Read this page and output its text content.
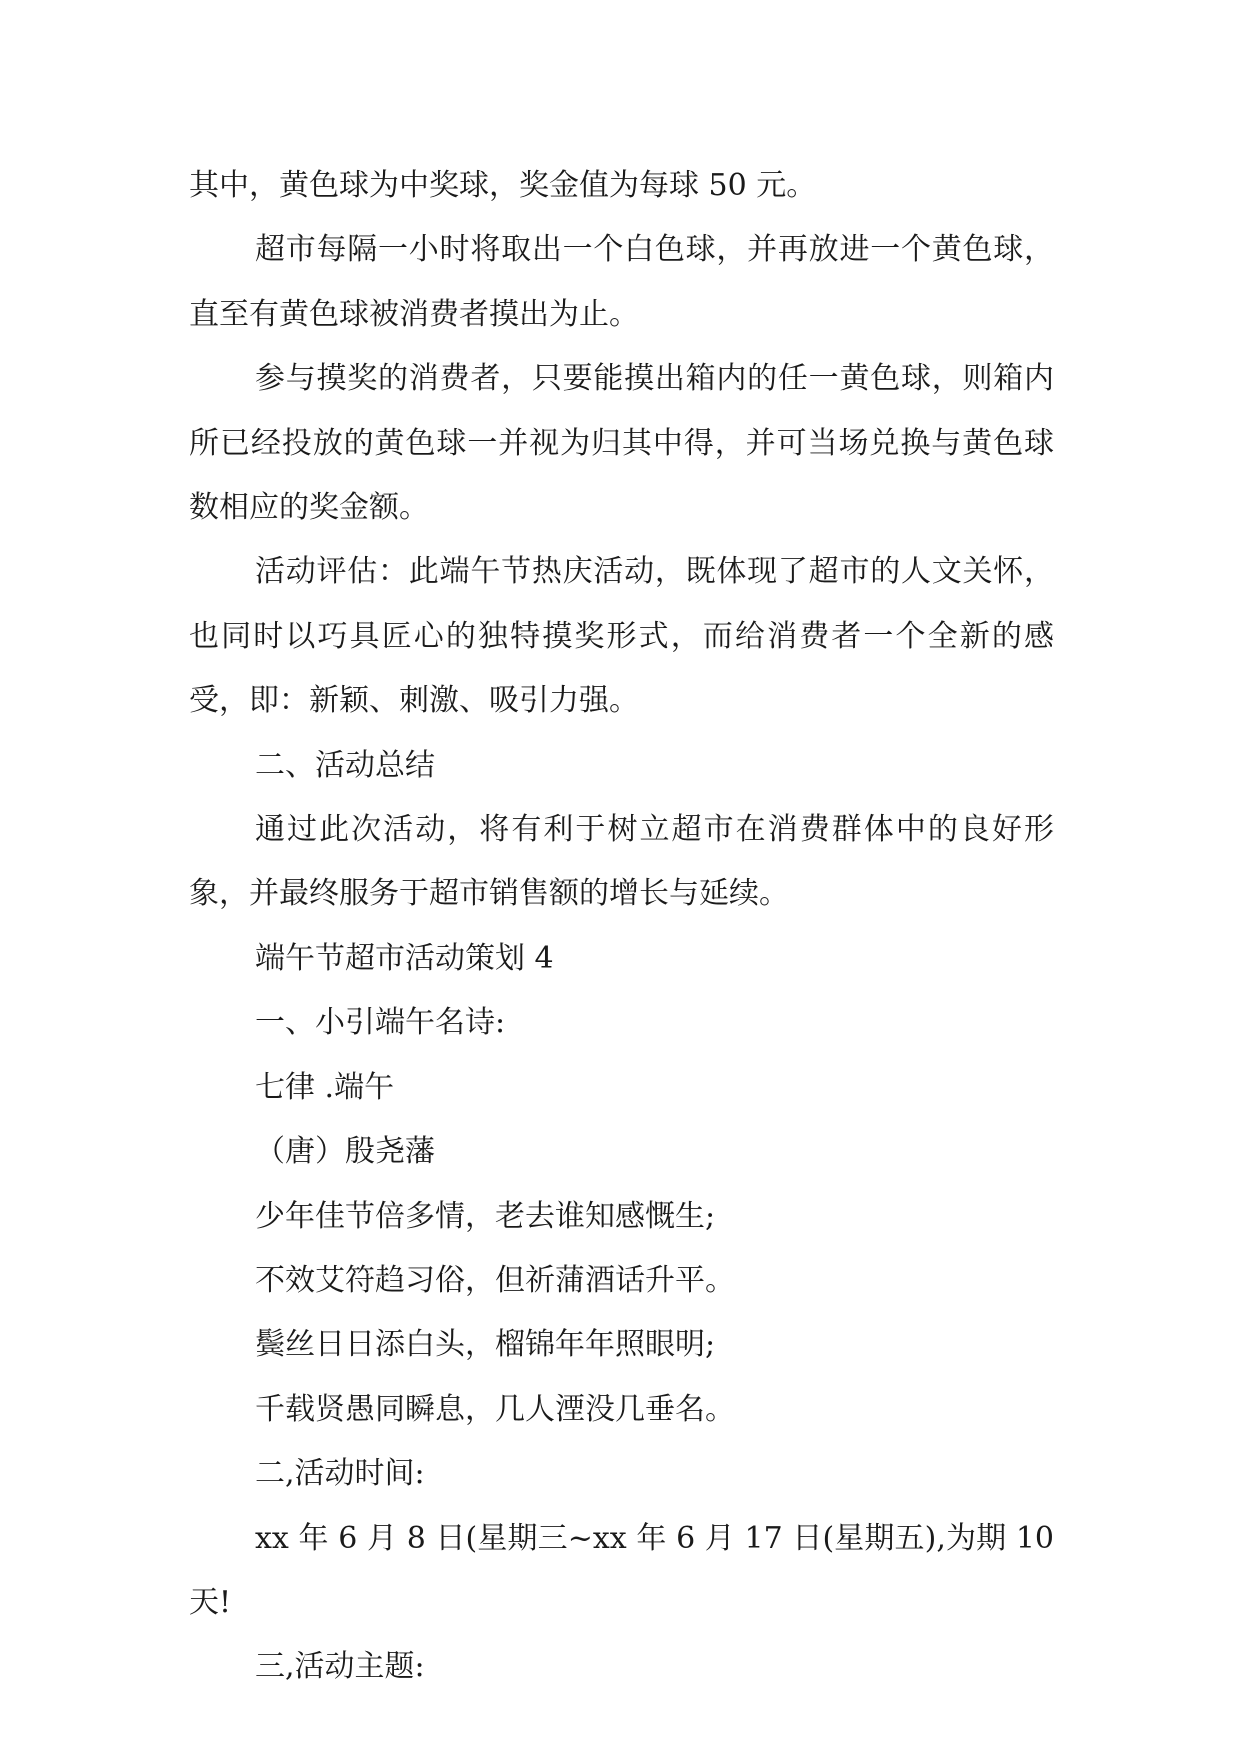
其中，黄色球为中奖球，奖金值为每球 50 元。

超市每隔一小时将取出一个白色球，并再放进一个黄色球，直至有黄色球被消费者摸出为止。

参与摸奖的消费者，只要能摸出箱内的任一黄色球，则箱内所已经投放的黄色球一并视为归其中得，并可当场兑换与黄色球数相应的奖金额。

活动评估：此端午节热庆活动，既体现了超市的人文关怀，也同时以巧具匠心的独特摸奖形式，而给消费者一个全新的感受，即：新颖、刺激、吸引力强。

二、活动总结

通过此次活动，将有利于树立超市在消费群体中的良好形象，并最终服务于超市销售额的增长与延续。

端午节超市活动策划 4

一、小引端午名诗:

七律 .端午

（唐）殷尧藩

少年佳节倍多情，老去谁知感慨生;

不效艾符趋习俗，但祈蒲酒话升平。

鬓丝日日添白头，榴锦年年照眼明;

千载贤愚同瞬息，几人湮没几垂名。

二,活动时间:

xx 年 6 月 8 日(星期三~xx 年 6 月 17 日(星期五),为期 10 天!

三,活动主题:
